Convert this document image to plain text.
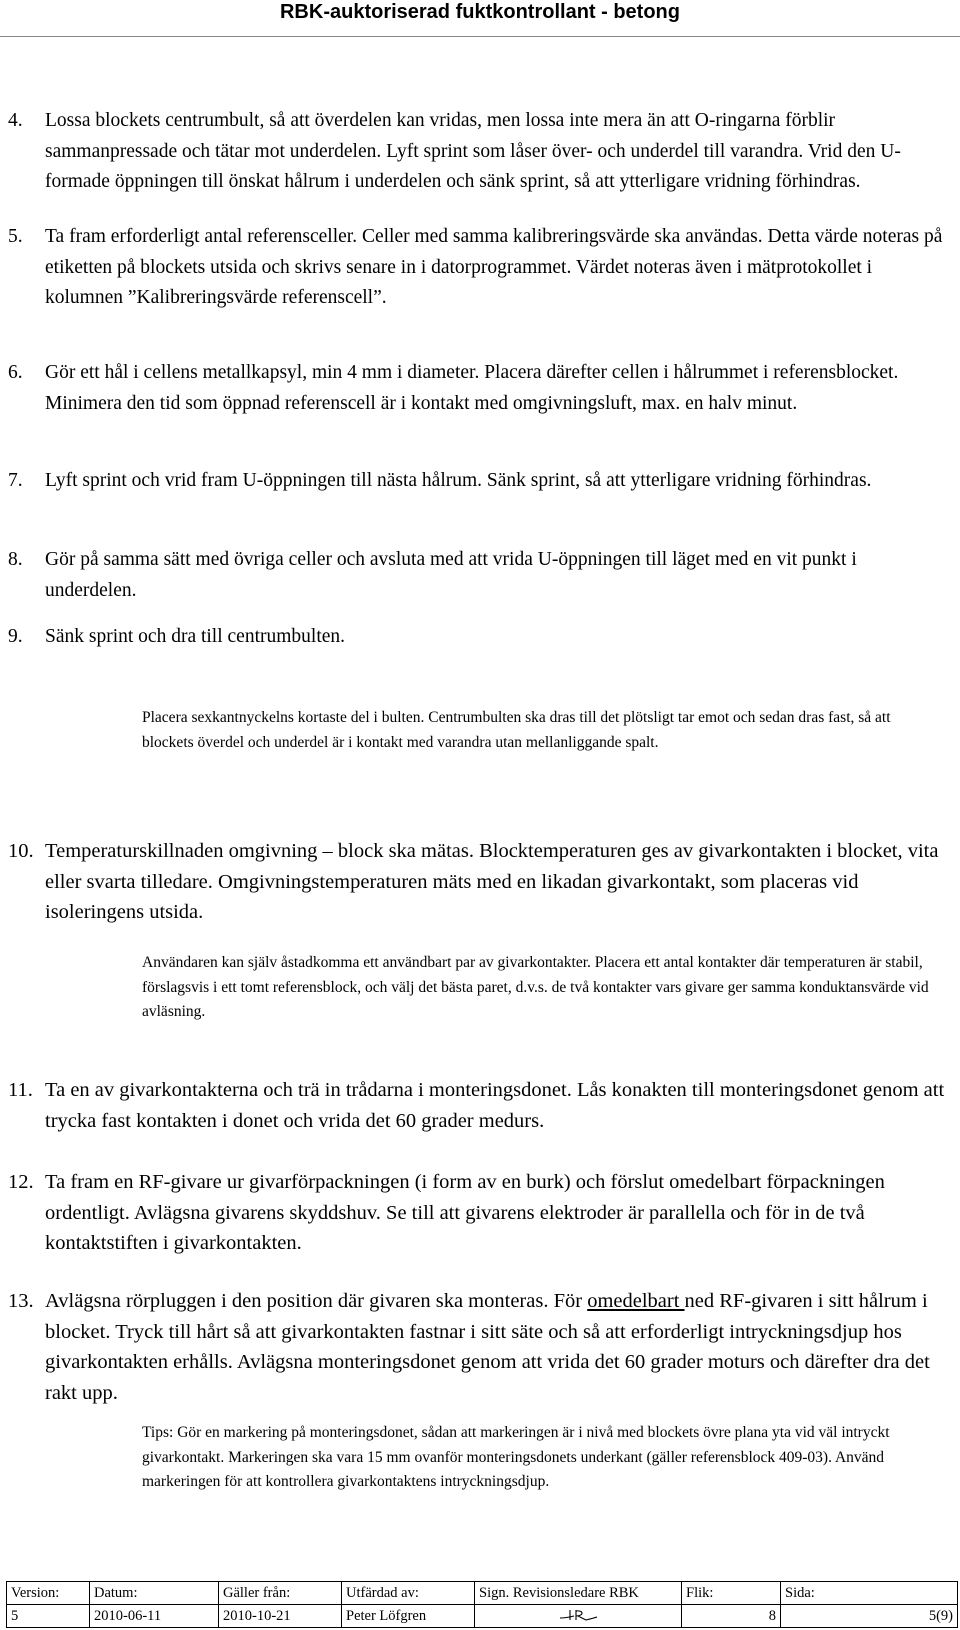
RBK-auktoriserad fuktkontrollant - betong
4. Lossa blockets centrumbult, så att överdelen kan vridas, men lossa inte mera än att O-ringarna förblir sammanpressade och tätar mot underdelen. Lyft sprint som låser över- och underdel till varandra. Vrid den U-formade öppningen till önskat hålrum i underdelen och sänk sprint, så att ytterligare vridning förhindras.
5. Ta fram erforderligt antal referensceller. Celler med samma kalibreringsvärde ska användas. Detta värde noteras på etiketten på blockets utsida och skrivs senare in i datorprogrammet. Värdet noteras även i mätprotokollet i kolumnen ”Kalibreringsvärde referenscell”.
6. Gör ett hål i cellens metallkapsyl, min 4 mm i diameter. Placera därefter cellen i hålrummet i referensblocket. Minimera den tid som öppnad referenscell är i kontakt med omgivningsluft, max. en halv minut.
7. Lyft sprint och vrid fram U-öppningen till nästa hålrum. Sänk sprint, så att ytterligare vridning förhindras.
8. Gör på samma sätt med övriga celler och avsluta med att vrida U-öppningen till läget med en vit punkt i underdelen.
9. Sänk sprint och dra till centrumbulten.
Placera sexkantnyckelns kortaste del i bulten. Centrumbulten ska dras till det plötsligt tar emot och sedan dras fast, så att blockets överdel och underdel är i kontakt med varandra utan mellanliggande spalt.
10. Temperaturskillnaden omgivning – block ska mätas. Blocktemperaturen ges av givarkontakten i blocket, vita eller svarta tilledare. Omgivningstemperaturen mäts med en likadan givarkontakt, som placeras vid isoleringens utsida.
Användaren kan själv åstadkomma ett användbart par av givarkontakter. Placera ett antal kontakter där temperaturen är stabil, förslagsvis i ett tomt referensblock, och välj det bästa paret, d.v.s. de två kontakter vars givare ger samma konduktansvärde vid avläsning.
11. Ta en av givarkontakterna och trä in trådarna i monteringsdonet. Lås konakten till monteringsdonet genom att trycka fast kontakten i donet och vrida det 60 grader medurs.
12. Ta fram en RF-givare ur givarförpackningen (i form av en burk) och förslut omedelbart förpackningen ordentligt. Avlägsna givarens skyddshuv. Se till att givarens elektroder är parallella och för in de två kontaktstiften i givarkontakten.
13. Avlägsna rörpluggen i den position där givaren ska monteras. För omedelbart ned RF-givaren i sitt hålrum i blocket. Tryck till hårt så att givarkontakten fastnar i sitt säte och så att erforderligt intryckningsdjup hos givarkontakten erhålls. Avlägsna monteringsdonet genom att vrida det 60 grader moturs och därefter dra det rakt upp.
Tips: Gör en markering på monteringsdonet, sådan att markeringen är i nivå med blockets övre plana yta vid väl intryckt givarkontakt. Markeringen ska vara 15 mm ovanför monteringsdonets underkant (gäller referensblock 409-03). Använd markeringen för att kontrollera givarkontaktens intryckningsdjup.
Version:	Datum:	Gäller från:	Utfärdad av:	Sign. Revisionsledare RBK	Flik:	Sida:
5	2010-06-11	2010-10-21	Peter Löfgren		8	5(9)
